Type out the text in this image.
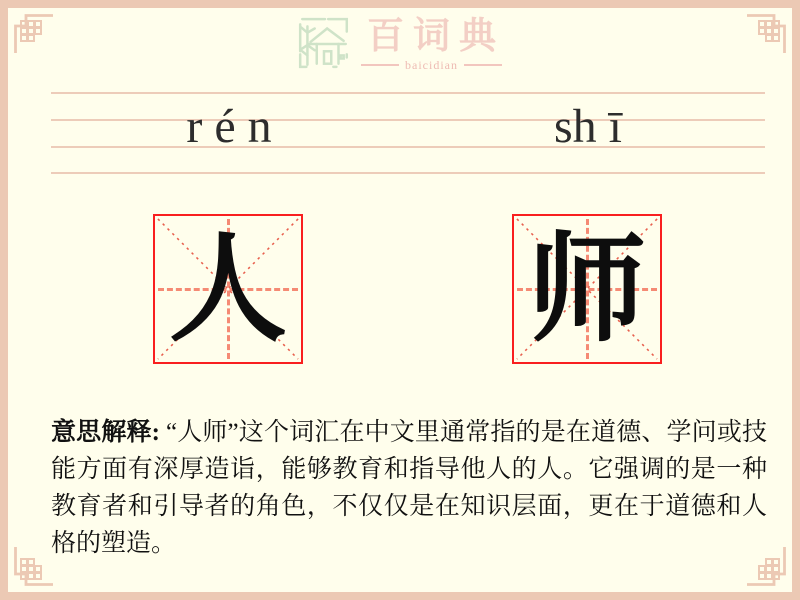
百词典
baicidian
r é n	sh ī
人 师
意思解释: “人师”这个词汇在中文里通常指的是在道德、学问或技能方面有深厚造诣，能够教育和指导他人的人。它强调的是一种教育者和引导者的角色，不仅仅是在知识层面，更在于道德和人格的塑造。
